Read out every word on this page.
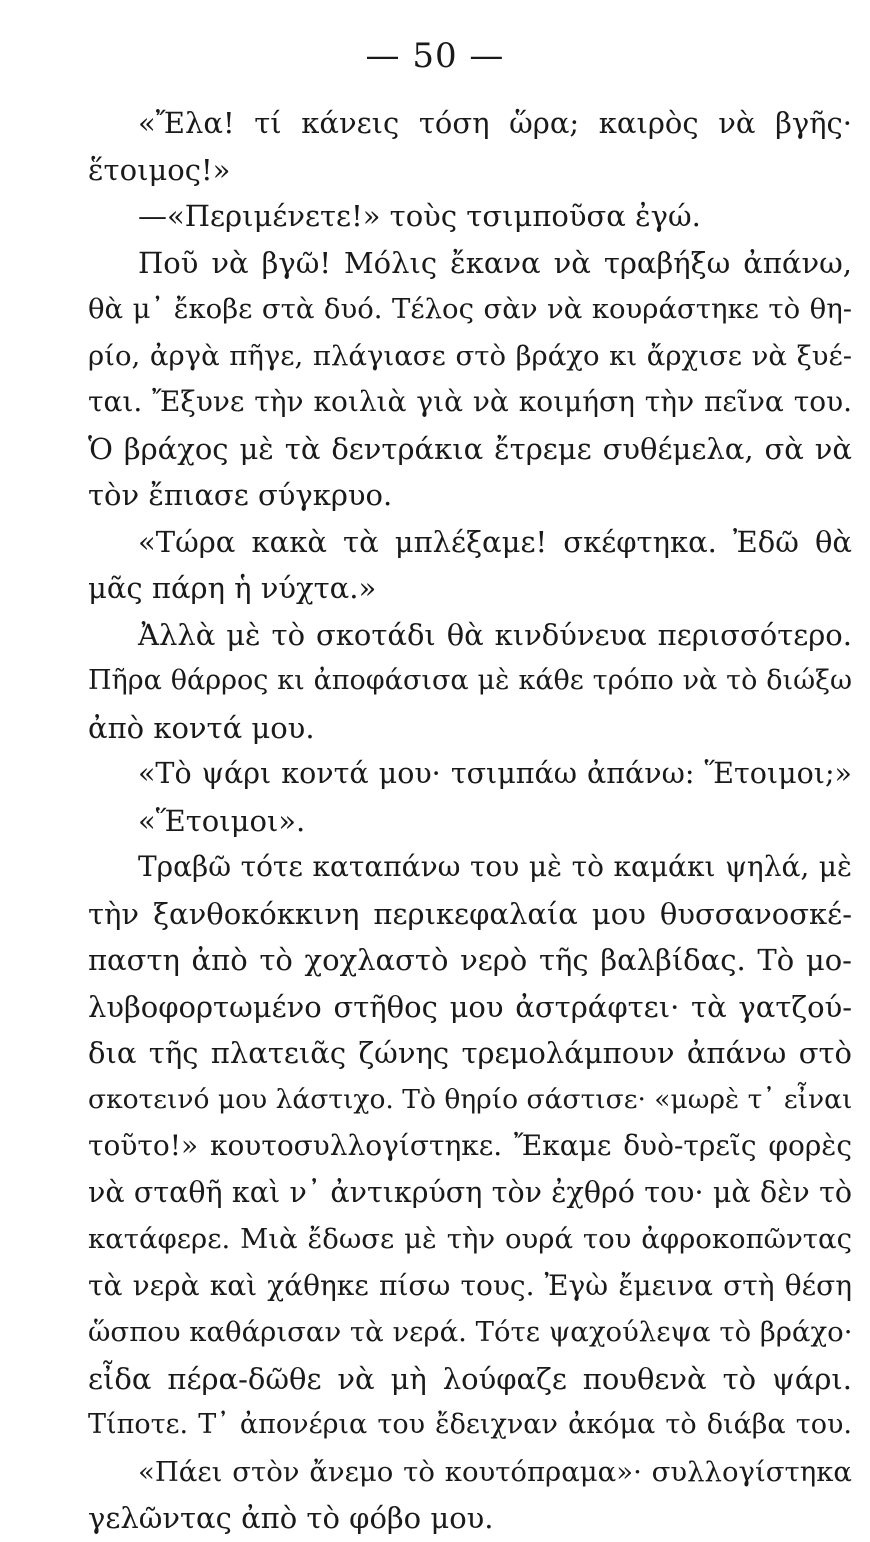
— 50 —
«Ἔλα! τί κάνεις τόση ὥρα; καιρὸς νὰ βγῆς·
ἕτοιμος!»
—«Περιμένετε!» τοὺς τσιμποῦσα ἐγώ.
Ποῦ νὰ βγῶ! Μόλις ἔκανα νὰ τραβήξω ἀπάνω,
θὰ μ᾿ ἔκοβε στὰ δυό. Τέλος σὰν νὰ κουράστηκε τὸ θη-
ρίο, ἀργὰ πῆγε, πλάγιασε στὸ βράχο κι ἄρχισε νὰ ξυέ-
ται. Ἔξυνε τὴν κοιλιὰ γιὰ νὰ κοιμήση τὴν πεῖνα του.
Ὁ βράχος μὲ τὰ δεντράκια ἔτρεμε συθέμελα, σὰ νὰ
τὸν ἔπιασε σύγκρυο.
«Τώρα κακὰ τὰ μπλέξαμε! σκέφτηκα. Ἐδῶ θὰ
μᾶς πάρη ἡ νύχτα.»
Ἀλλὰ μὲ τὸ σκοτάδι θὰ κινδύνευα περισσότερο.
Πῆρα θάρρος κι ἀποφάσισα μὲ κάθε τρόπο νὰ τὸ διώξω
ἀπὸ κοντά μου.
«Τὸ ψάρι κοντά μου· τσιμπάω ἀπάνω: Ἕτοιμοι;»
«Ἕτοιμοι».
Τραβῶ τότε καταπάνω του μὲ τὸ καμάκι ψηλά, μὲ
τὴν ξανθοκόκκινη περικεφαλαία μου θυσσανοσκέ-
παστη ἀπὸ τὸ χοχλαστὸ νερὸ τῆς βαλβίδας. Τὸ μο-
λυβοφορτωμένο στῆθος μου ἀστράφτει· τὰ γατζού-
δια τῆς πλατειᾶς ζώνης τρεμολάμπουν ἀπάνω στὸ
σκοτεινό μου λάστιχο. Τὸ θηρίο σάστισε· «μωρὲ τ᾿ εἶναι
τοῦτο!» κουτοσυλλογίστηκε. Ἔκαμε δυὸ-τρεῖς φορὲς
νὰ σταθῆ καὶ ν᾿ ἀντικρύση τὸν ἐχθρό του· μὰ δὲν τὸ
κατάφερε. Μιὰ ἔδωσε μὲ τὴν ουρά του ἀφροκοπῶντας
τὰ νερὰ καὶ χάθηκε πίσω τους. Ἐγὼ ἔμεινα στὴ θέση
ὥσπου καθάρισαν τὰ νερά. Τότε ψαχούλεψα τὸ βράχο·
εἶδα πέρα-δῶθε νὰ μὴ λούφαζε πουθενὰ τὸ ψάρι.
Τίποτε. Τ᾿ ἀπονέρια του ἔδειχναν ἀκόμα τὸ διάβα του.
«Πάει στὸν ἄνεμο τὸ κουτόπραμα»· συλλογίστηκα
γελῶντας ἀπὸ τὸ φόβο μου.
